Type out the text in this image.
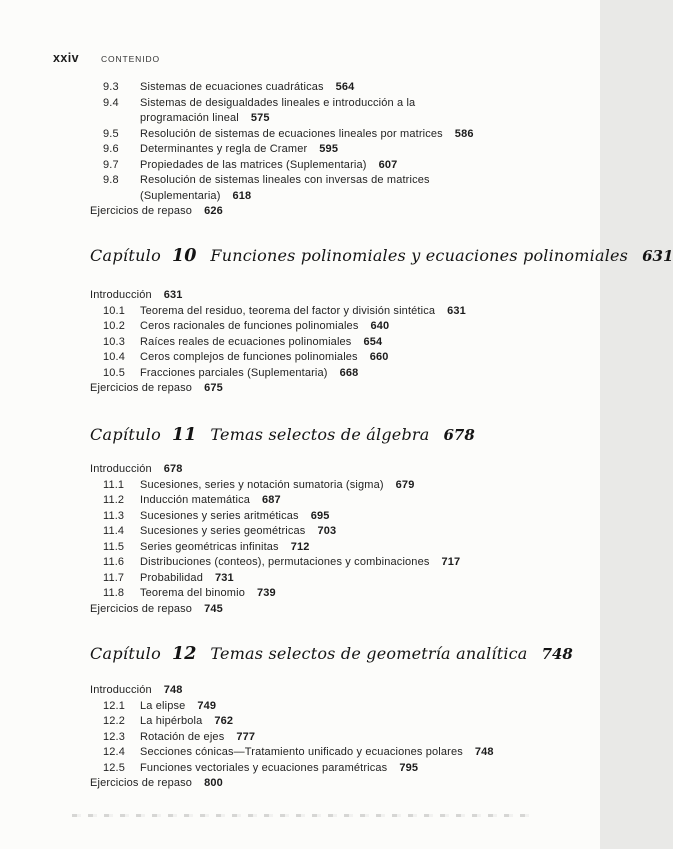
xxiv	CONTENIDO
9.3 Sistemas de ecuaciones cuadráticas 564
9.4 Sistemas de desigualdades lineales e introducción a la
programación lineal 575
9.5 Resolución de sistemas de ecuaciones lineales por matrices 586
9.6 Determinantes y regla de Cramer 595
9.7 Propiedades de las matrices (Suplementaria) 607
9.8 Resolución de sistemas lineales con inversas de matrices
(Suplementaria) 618
Ejercicios de repaso 626
Capítulo 10 Funciones polinomiales y ecuaciones polinomiales 631
Introducción 631
10.1 Teorema del residuo, teorema del factor y división sintética 631
10.2 Ceros racionales de funciones polinomiales 640
10.3 Raíces reales de ecuaciones polinomiales 654
10.4 Ceros complejos de funciones polinomiales 660
10.5 Fracciones parciales (Suplementaria) 668
Ejercicios de repaso 675
Capítulo 11 Temas selectos de álgebra 678
Introducción 678
11.1 Sucesiones, series y notación sumatoria (sigma) 679
11.2 Inducción matemática 687
11.3 Sucesiones y series aritméticas 695
11.4 Sucesiones y series geométricas 703
11.5 Series geométricas infinitas 712
11.6 Distribuciones (conteos), permutaciones y combinaciones 717
11.7 Probabilidad 731
11.8 Teorema del binomio 739
Ejercicios de repaso 745
Capítulo 12 Temas selectos de geometría analítica 748
Introducción 748
12.1 La elipse 749
12.2 La hipérbola 762
12.3 Rotación de ejes 777
12.4 Secciones cónicas—Tratamiento unificado y ecuaciones polares 748
12.5 Funciones vectoriales y ecuaciones paramétricas 795
Ejercicios de repaso 800
